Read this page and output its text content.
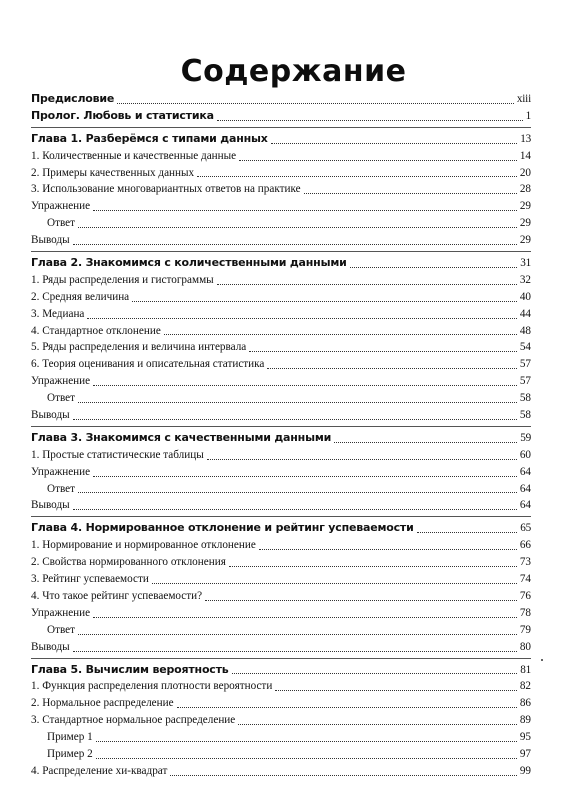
Содержание
Предисловие	xiii
Пролог. Любовь и статистика	1
Глава 1. Разберёмся с типами данных	13
1. Количественные и качественные данные	14
2. Примеры качественных данных	20
3. Использование многовариантных ответов на практике	28
Упражнение	29
Ответ	29
Выводы	29
Глава 2. Знакомимся с количественными данными	31
1. Ряды распределения и гистограммы	32
2. Средняя величина	40
3. Медиана	44
4. Стандартное отклонение	48
5. Ряды распределения и величина интервала	54
6. Теория оценивания и описательная статистика	57
Упражнение	57
Ответ	58
Выводы	58
Глава 3. Знакомимся с качественными данными	59
1. Простые статистические таблицы	60
Упражнение	64
Ответ	64
Выводы	64
Глава 4. Нормированное отклонение и рейтинг успеваемости	65
1. Нормирование и нормированное отклонение	66
2. Свойства нормированного отклонения	73
3. Рейтинг успеваемости	74
4. Что такое рейтинг успеваемости?	76
Упражнение	78
Ответ	79
Выводы	80
Глава 5. Вычислим вероятность	81
1. Функция распределения плотности вероятности	82
2. Нормальное распределение	86
3. Стандартное нормальное распределение	89
Пример 1	95
Пример 2	97
4. Распределение хи-квадрат	99
